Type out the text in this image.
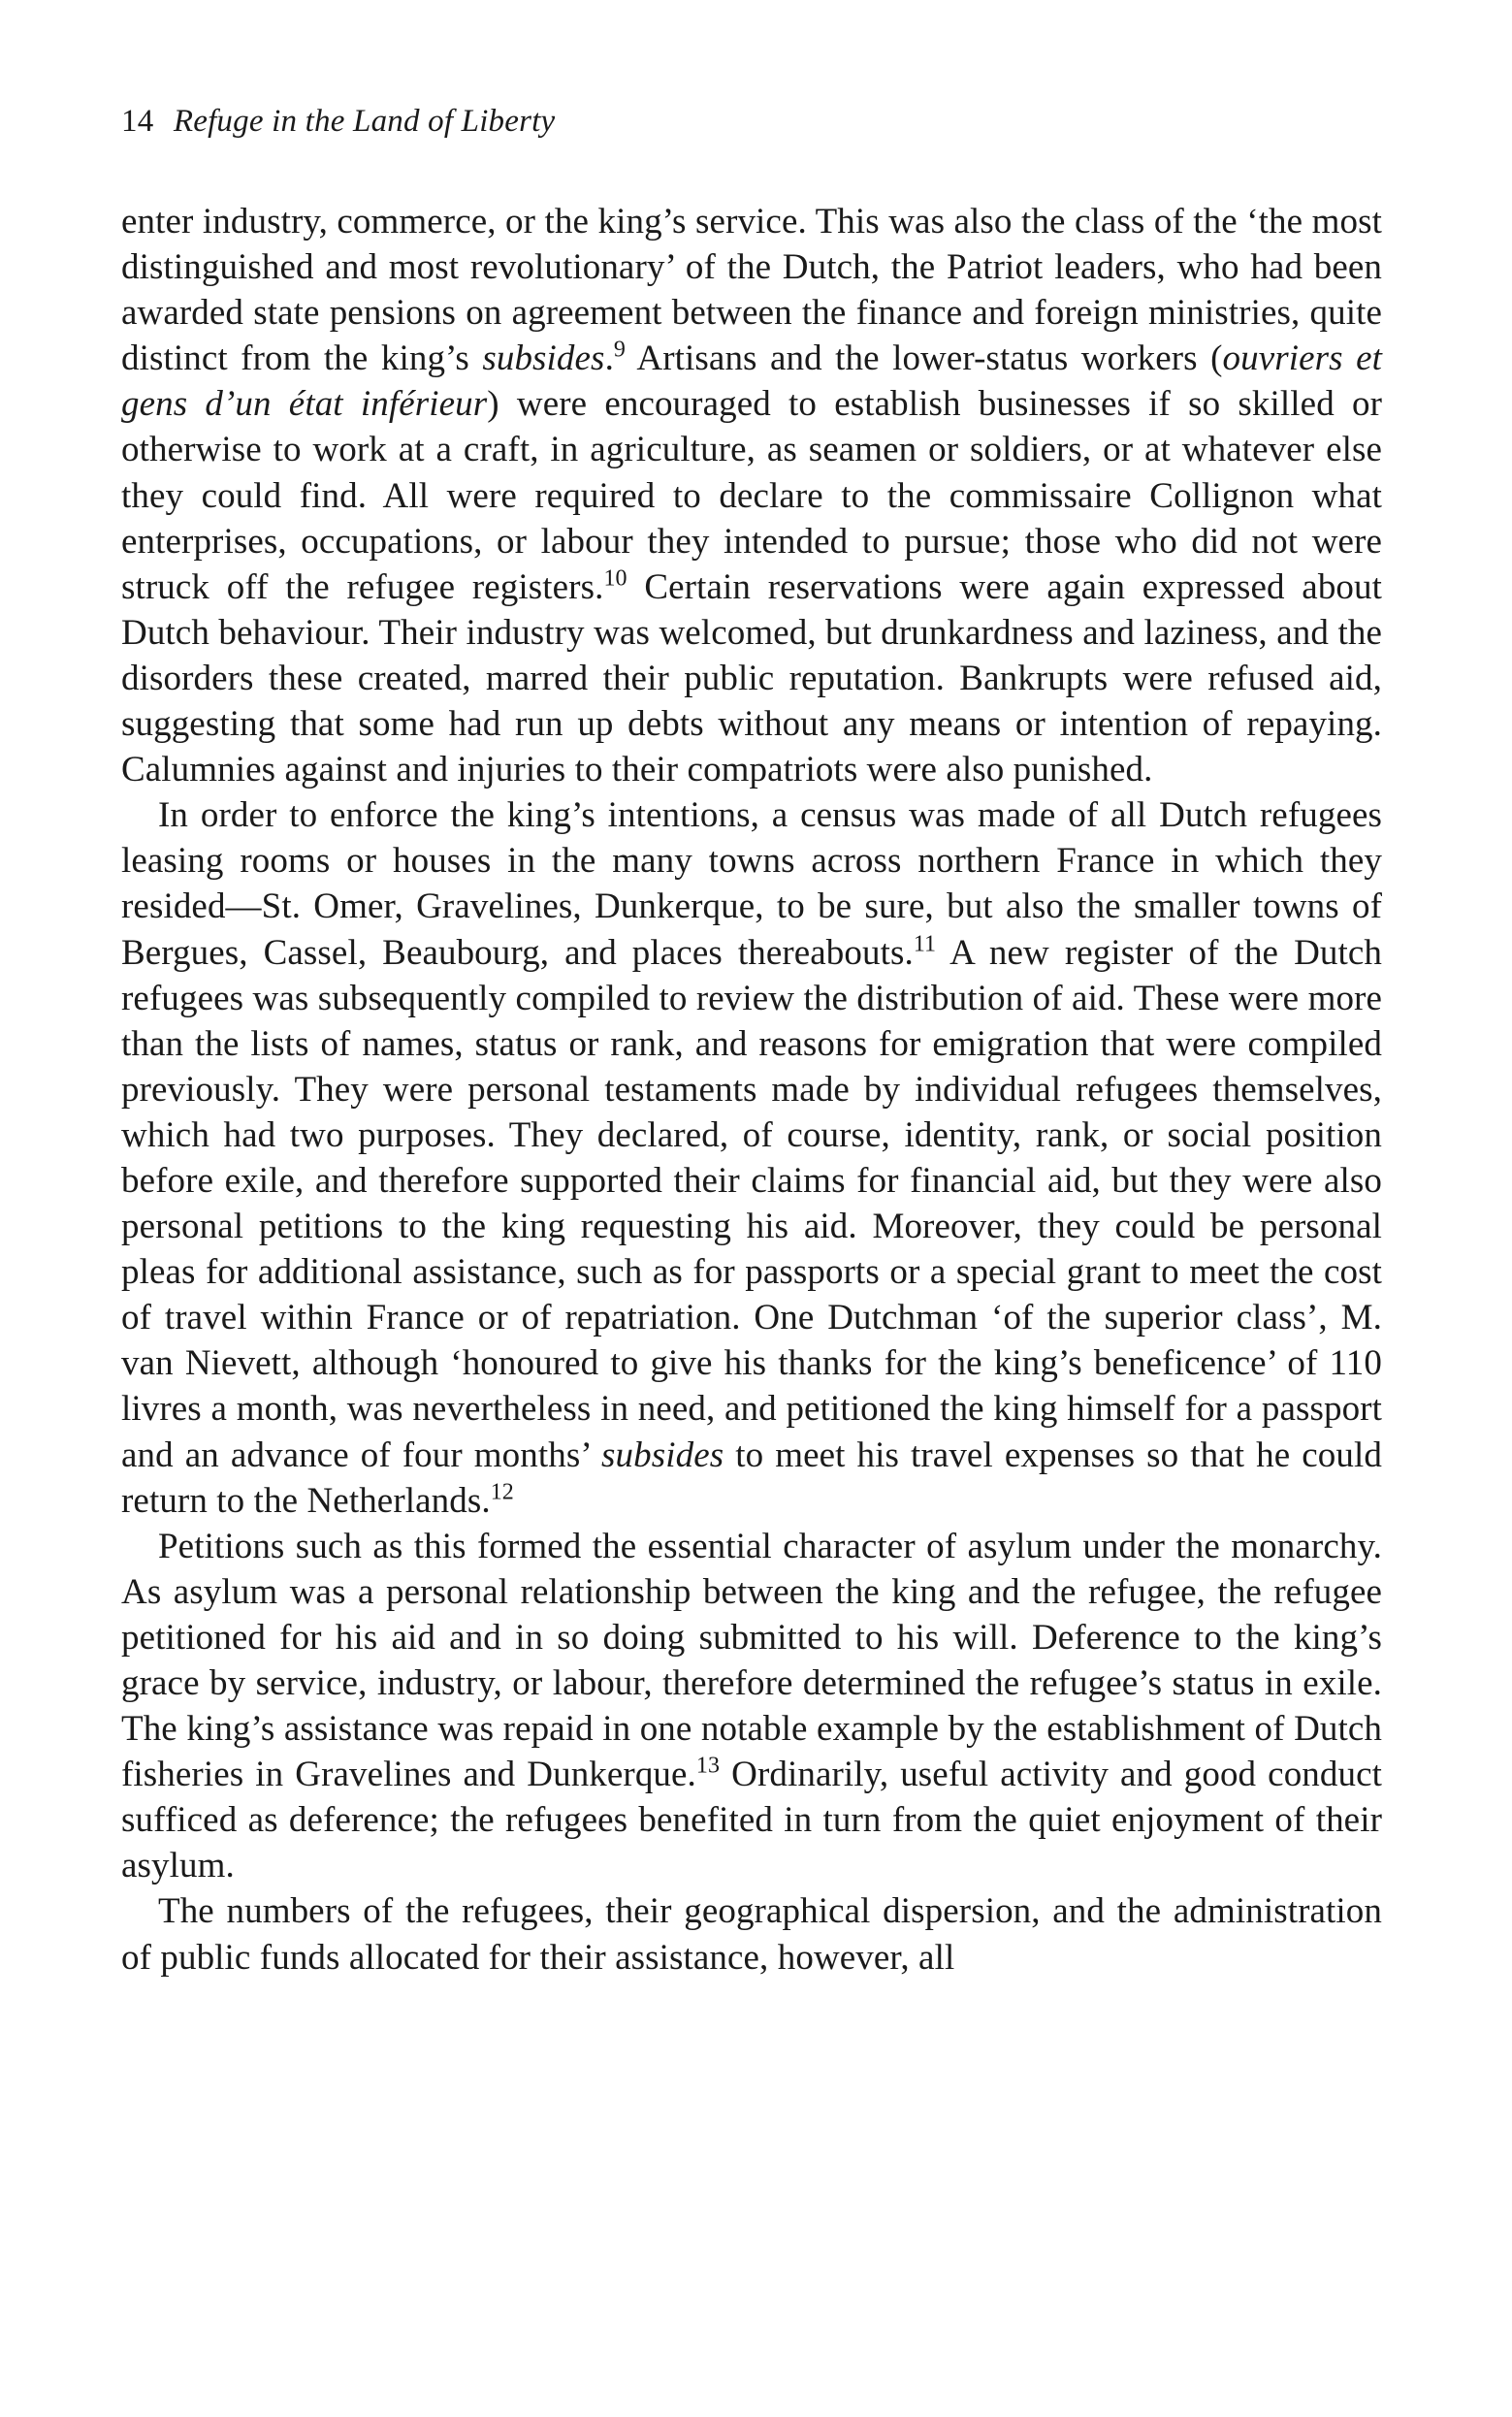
14 Refuge in the Land of Liberty

enter industry, commerce, or the king’s service. This was also the class of the ‘the most distinguished and most revolutionary’ of the Dutch, the Patriot leaders, who had been awarded state pensions on agreement between the finance and foreign ministries, quite distinct from the king’s subsides.$^9$ Artisans and the lower-status workers (ouvriers et gens d’un état inférieur) were encouraged to establish businesses if so skilled or otherwise to work at a craft, in agriculture, as seamen or soldiers, or at whatever else they could find. All were required to declare to the commissaire Collignon what enterprises, occupations, or labour they intended to pursue; those who did not were struck off the refugee registers.$^{10}$ Certain reservations were again expressed about Dutch behaviour. Their industry was welcomed, but drunkardness and laziness, and the disorders these created, marred their public reputation. Bankrupts were refused aid, suggesting that some had run up debts without any means or intention of repaying. Calumnies against and injuries to their compatriots were also punished.

In order to enforce the king’s intentions, a census was made of all Dutch refugees leasing rooms or houses in the many towns across northern France in which they resided—St. Omer, Gravelines, Dunkerque, to be sure, but also the smaller towns of Bergues, Cassel, Beaubourg, and places thereabouts.$^{11}$ A new register of the Dutch refugees was subsequently compiled to review the distribution of aid. These were more than the lists of names, status or rank, and reasons for emigration that were compiled previously. They were personal testaments made by individual refugees themselves, which had two purposes. They declared, of course, identity, rank, or social position before exile, and therefore supported their claims for financial aid, but they were also personal petitions to the king requesting his aid. Moreover, they could be personal pleas for additional assistance, such as for passports or a special grant to meet the cost of travel within France or of repatriation. One Dutchman ‘of the superior class’, M. van Nievett, although ‘honoured to give his thanks for the king’s beneficence’ of 110 livres a month, was nevertheless in need, and petitioned the king himself for a passport and an advance of four months’ subsides to meet his travel expenses so that he could return to the Netherlands.$^{12}$

Petitions such as this formed the essential character of asylum under the monarchy. As asylum was a personal relationship between the king and the refugee, the refugee petitioned for his aid and in so doing submitted to his will. Deference to the king’s grace by service, industry, or labour, therefore determined the refugee’s status in exile. The king’s assistance was repaid in one notable example by the establishment of Dutch fisheries in Gravelines and Dunkerque.$^{13}$ Ordinarily, useful activity and good conduct sufficed as deference; the refugees benefited in turn from the quiet enjoyment of their asylum.

The numbers of the refugees, their geographical dispersion, and the administration of public funds allocated for their assistance, however, all
